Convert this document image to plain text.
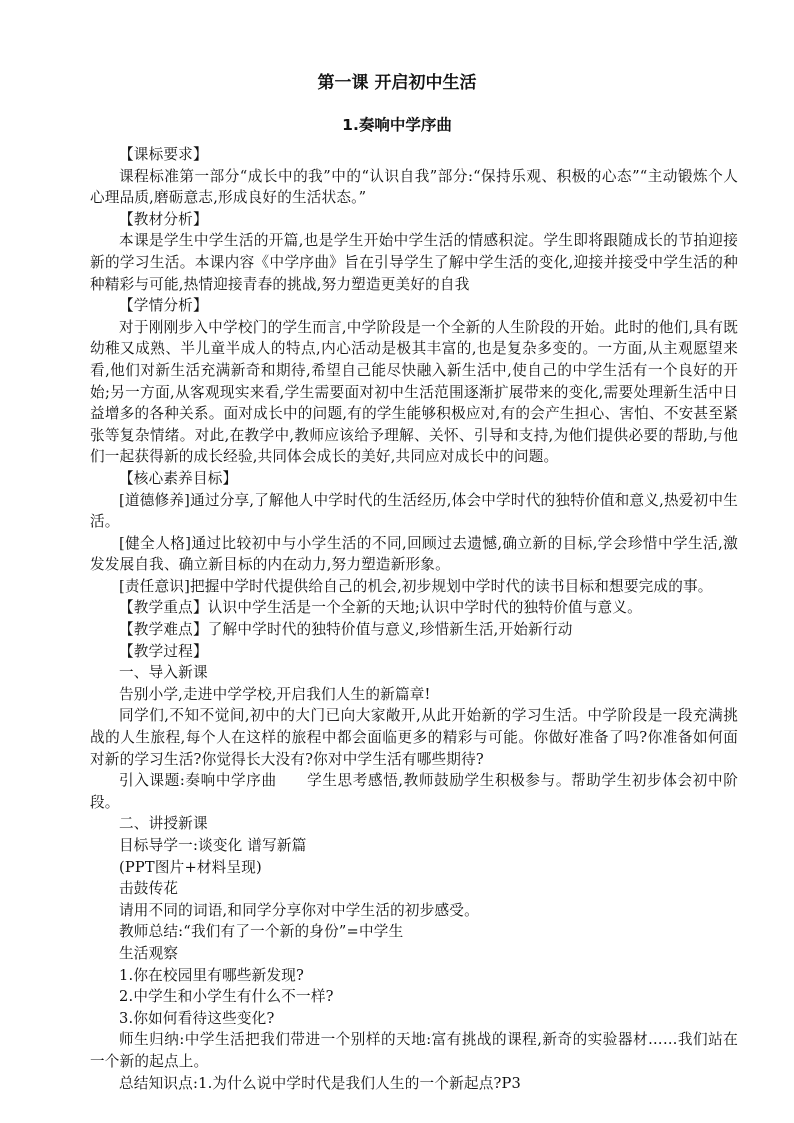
第一课 开启初中生活
1.奏响中学序曲

【课标要求】

课程标准第一部分“成长中的我”中的“认识自我”部分:“保持乐观、积极的心态”“主动锻炼个人心理品质,磨砺意志,形成良好的生活状态。”

【教材分析】

本课是学生中学生活的开篇,也是学生开始中学生活的情感积淀。学生即将跟随成长的节拍迎接新的学习生活。本课内容《中学序曲》旨在引导学生了解中学生活的变化,迎接并接受中学生活的种种精彩与可能,热情迎接青春的挑战,努力塑造更美好的自我

【学情分析】

对于刚刚步入中学校门的学生而言,中学阶段是一个全新的人生阶段的开始。此时的他们,具有既幼稚又成熟、半儿童半成人的特点,内心活动是极其丰富的,也是复杂多变的。一方面,从主观愿望来看,他们对新生活充满新奇和期待,希望自己能尽快融入新生活中,使自己的中学生活有一个良好的开始;另一方面,从客观现实来看,学生需要面对初中生活范围逐渐扩展带来的变化,需要处理新生活中日益增多的各种关系。面对成长中的问题,有的学生能够积极应对,有的会产生担心、害怕、不安甚至紧张等复杂情绪。对此,在教学中,教师应该给予理解、关怀、引导和支持,为他们提供必要的帮助,与他们一起获得新的成长经验,共同体会成长的美好,共同应对成长中的问题。

【核心素养目标】

[道德修养]通过分享,了解他人中学时代的生活经历,体会中学时代的独特价值和意义,热爱初中生活。

[健全人格]通过比较初中与小学生活的不同,回顾过去遗憾,确立新的目标,学会珍惜中学生活,激发发展自我、确立新目标的内在动力,努力塑造新形象。

[责任意识]把握中学时代提供给自己的机会,初步规划中学时代的读书目标和想要完成的事。

【教学重点】认识中学生活是一个全新的天地;认识中学时代的独特价值与意义。

【教学难点】了解中学时代的独特价值与意义,珍惜新生活,开始新行动

【教学过程】

一、导入新课

告别小学,走进中学学校,开启我们人生的新篇章!

同学们,不知不觉间,初中的大门已向大家敞开,从此开始新的学习生活。中学阶段是一段充满挑战的人生旅程,每个人在这样的旅程中都会面临更多的精彩与可能。你做好准备了吗?你准备如何面对新的学习生活?你觉得长大没有?你对中学生活有哪些期待?

引入课题:奏响中学序曲 学生思考感悟,教师鼓励学生积极参与。帮助学生初步体会初中阶段。

二、讲授新课

目标导学一:谈变化 谱写新篇

(PPT图片+材料呈现)

击鼓传花

请用不同的词语,和同学分享你对中学生活的初步感受。

教师总结:“我们有了一个新的身份”=中学生

生活观察

1.你在校园里有哪些新发现?

2.中学生和小学生有什么不一样?

3.你如何看待这些变化?

师生归纳:中学生活把我们带进一个别样的天地:富有挑战的课程,新奇的实验器材……我们站在一个新的起点上。

总结知识点:1.为什么说中学时代是我们人生的一个新起点?P3
